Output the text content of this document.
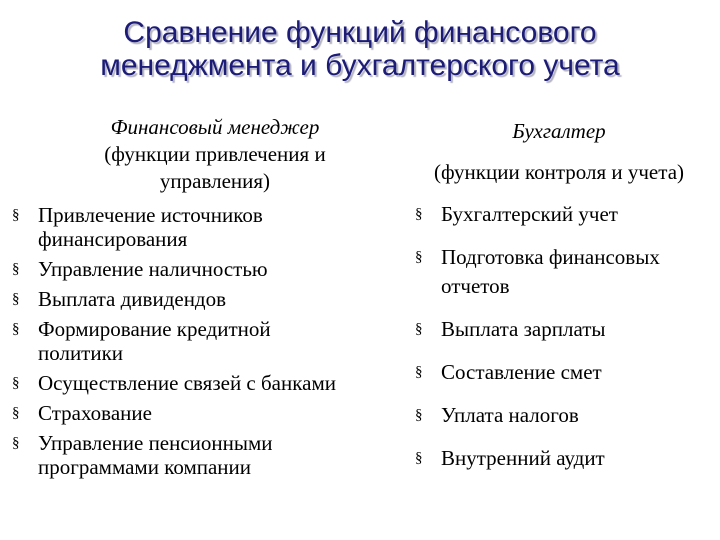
Сравнение функций финансового
менеджмента и бухгалтерского учета
Финансовый менеджер
(функции привлечения и
управления)
§ Привлечение источников
финансирования
§ Управление наличностью
§ Выплата дивидендов
§ Формирование кредитной
политики
§ Осуществление связей с банками
§ Страхование
§ Управление пенсионными
программами компании
Бухгалтер
(функции контроля и учета)
§ Бухгалтерский учет
§ Подготовка финансовых
отчетов
§ Выплата зарплаты
§ Составление смет
§ Уплата налогов
§ Внутренний аудит
